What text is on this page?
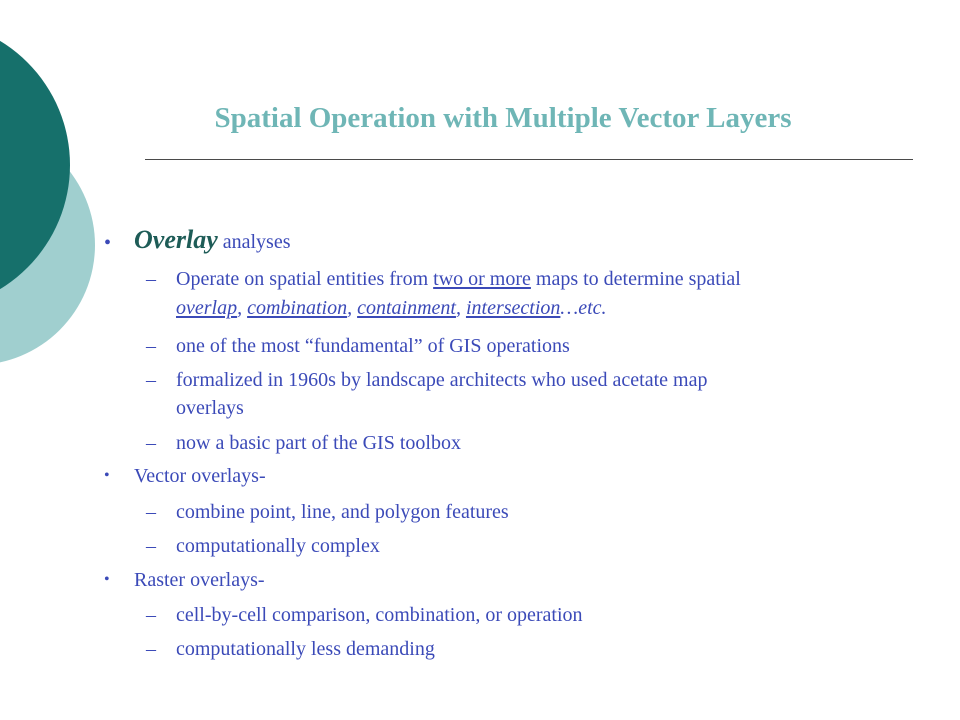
Spatial Operation with Multiple Vector Layers
• Overlay analyses
– Operate on spatial entities from two or more maps to determine spatial
overlap, combination, containment, intersection…etc.
– one of the most “fundamental” of GIS operations
– formalized in 1960s by landscape architects who used acetate map
overlays
– now a basic part of the GIS toolbox
• Vector overlays-
– combine point, line, and polygon features
– computationally complex
• Raster overlays-
– cell-by-cell comparison, combination, or operation
– computationally less demanding
